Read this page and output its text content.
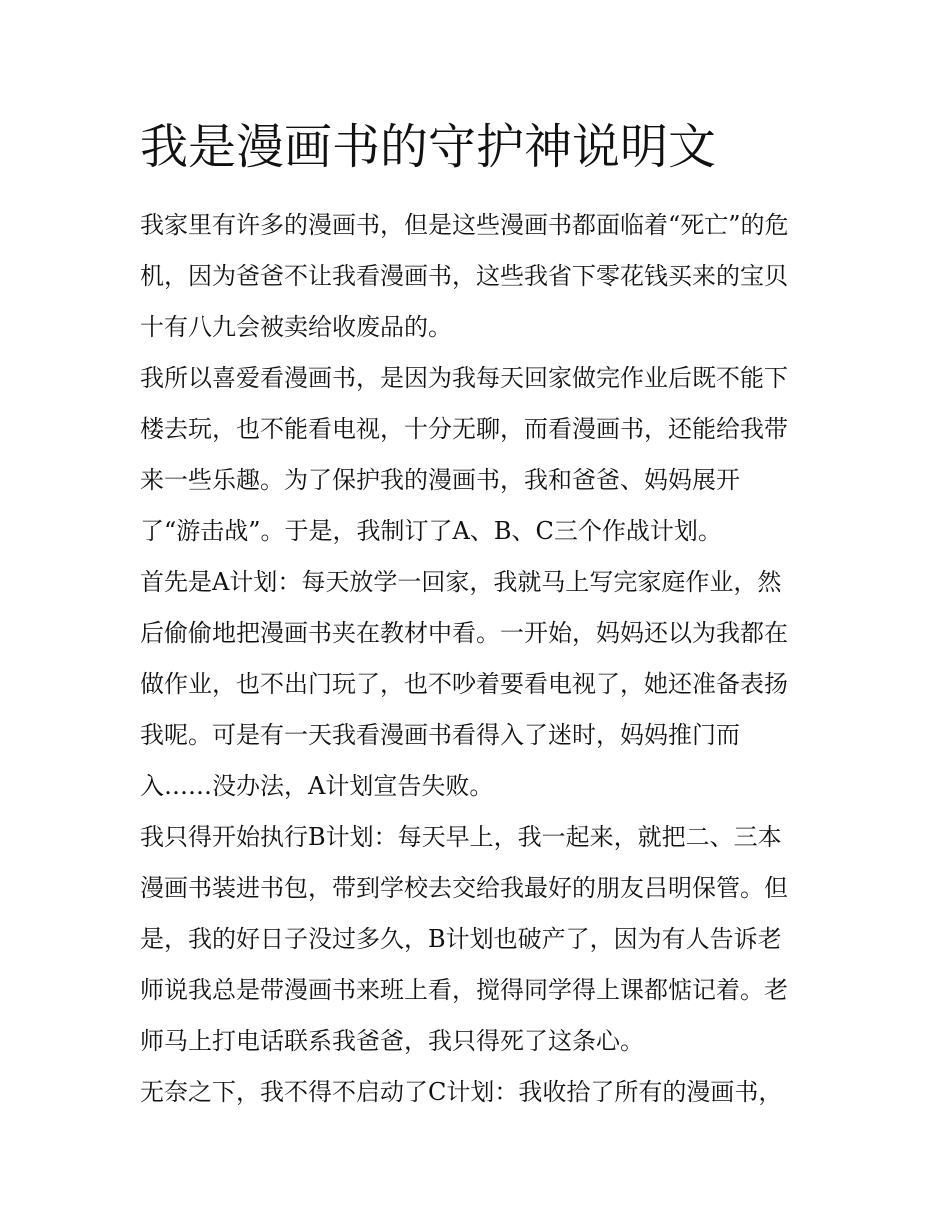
我是漫画书的守护神说明文
我家里有许多的漫画书，但是这些漫画书都面临着“死亡”的危
机，因为爸爸不让我看漫画书，这些我省下零花钱买来的宝贝
十有八九会被卖给收废品的。
我所以喜爱看漫画书，是因为我每天回家做完作业后既不能下
楼去玩，也不能看电视，十分无聊，而看漫画书，还能给我带
来一些乐趣。为了保护我的漫画书，我和爸爸、妈妈展开
了“游击战”。于是，我制订了A、B、C三个作战计划。
首先是A计划：每天放学一回家，我就马上写完家庭作业，然
后偷偷地把漫画书夹在教材中看。一开始，妈妈还以为我都在
做作业，也不出门玩了，也不吵着要看电视了，她还准备表扬
我呢。可是有一天我看漫画书看得入了迷时，妈妈推门而
入……没办法，A计划宣告失败。
我只得开始执行B计划：每天早上，我一起来，就把二、三本
漫画书装进书包，带到学校去交给我最好的朋友吕明保管。但
是，我的好日子没过多久，B计划也破产了，因为有人告诉老
师说我总是带漫画书来班上看，搅得同学得上课都惦记着。老
师马上打电话联系我爸爸，我只得死了这条心。
无奈之下，我不得不启动了C计划：我收拾了所有的漫画书，
